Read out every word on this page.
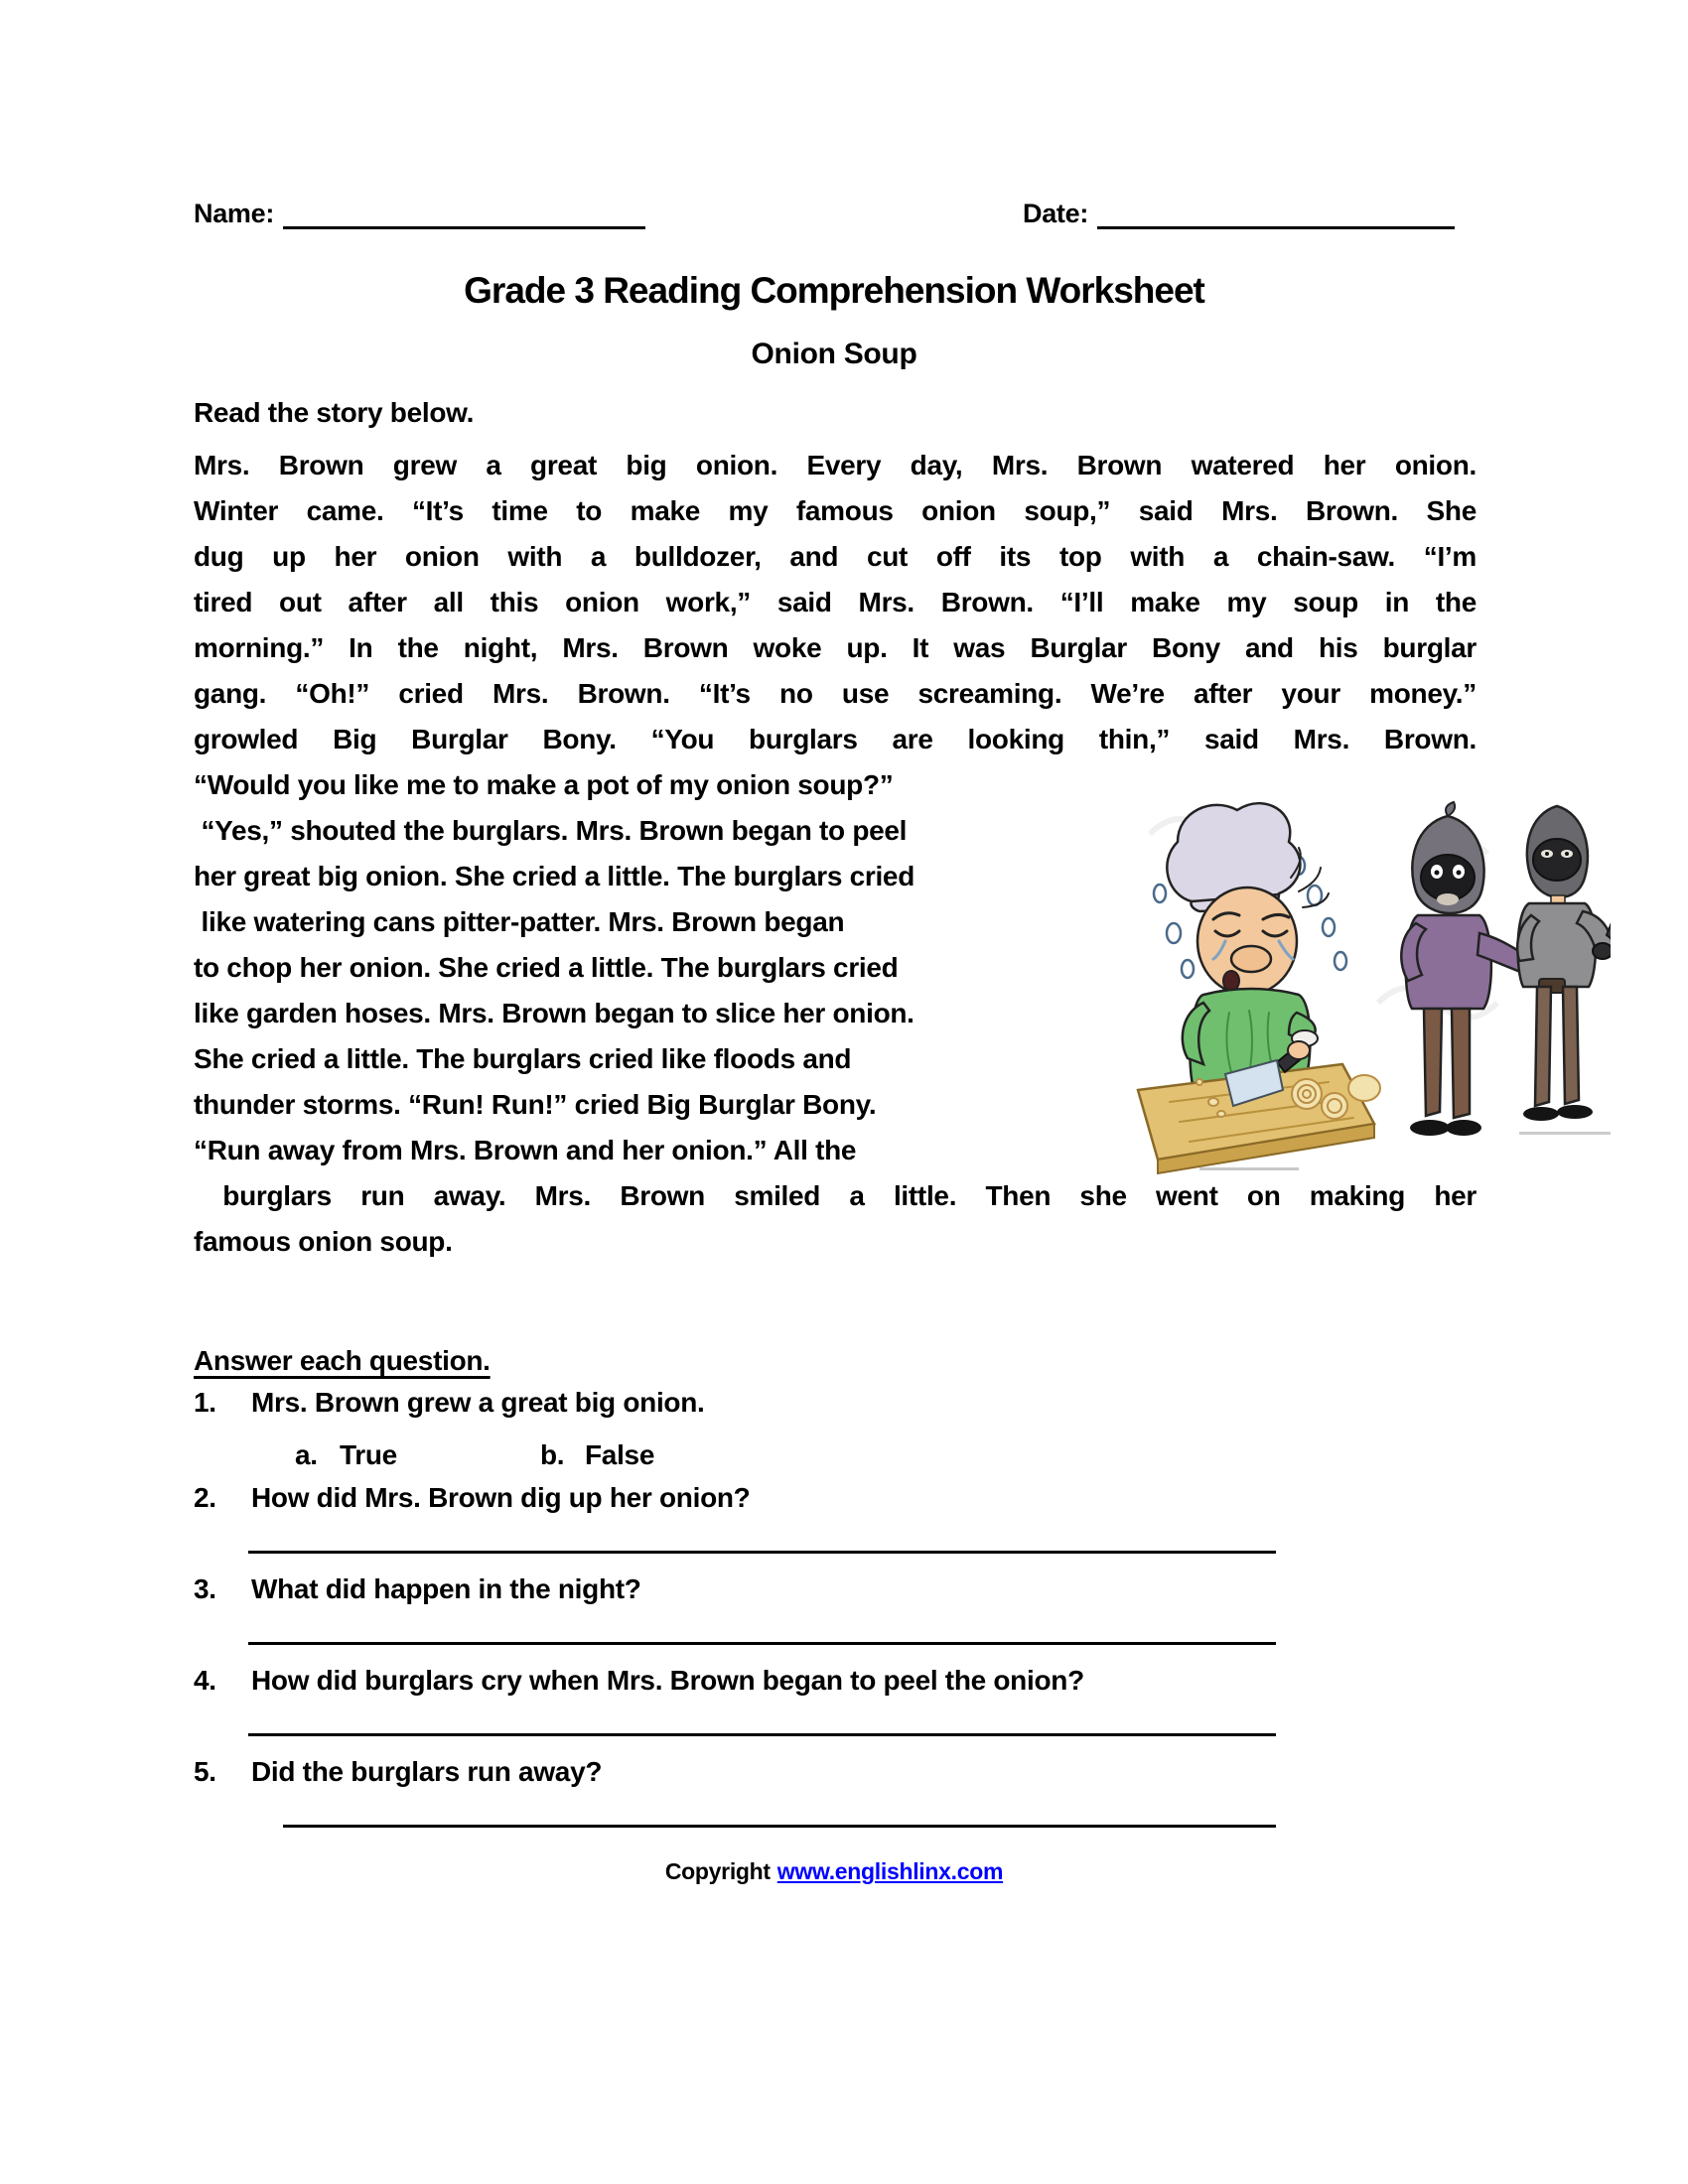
Name:	Date:
Grade 3 Reading Comprehension Worksheet
Onion Soup
Read the story below.
Mrs. Brown grew a great big onion. Every day, Mrs. Brown watered her onion.
Winter came. “It’s time to make my famous onion soup,” said Mrs. Brown. She
dug up her onion with a bulldozer, and cut off its top with a chain-saw. “I’m
tired out after all this onion work,” said Mrs. Brown. “I’ll make my soup in the
morning.” In the night, Mrs. Brown woke up. It was Burglar Bony and his burglar
gang. “Oh!” cried Mrs. Brown. “It’s no use screaming. We’re after your money.”
growled Big Burglar Bony. “You burglars are looking thin,” said Mrs. Brown.
“Would you like me to make a pot of my onion soup?”
“Yes,” shouted the burglars. Mrs. Brown began to peel
her great big onion. She cried a little. The burglars cried
like watering cans pitter-patter. Mrs. Brown began
to chop her onion. She cried a little. The burglars cried
like garden hoses. Mrs. Brown began to slice her onion.
She cried a little. The burglars cried like floods and
thunder storms. “Run! Run!” cried Big Burglar Bony.
“Run away from Mrs. Brown and her onion.” All the
burglars run away. Mrs. Brown smiled a little. Then she went on making her
famous onion soup.
Answer each question.
1.	Mrs. Brown grew a great big onion.
a. True	b. False
2.	How did Mrs. Brown dig up her onion?
3.	What did happen in the night?
4.	How did burglars cry when Mrs. Brown began to peel the onion?
5.	Did the burglars run away?
Copyright www.englishlinx.com
